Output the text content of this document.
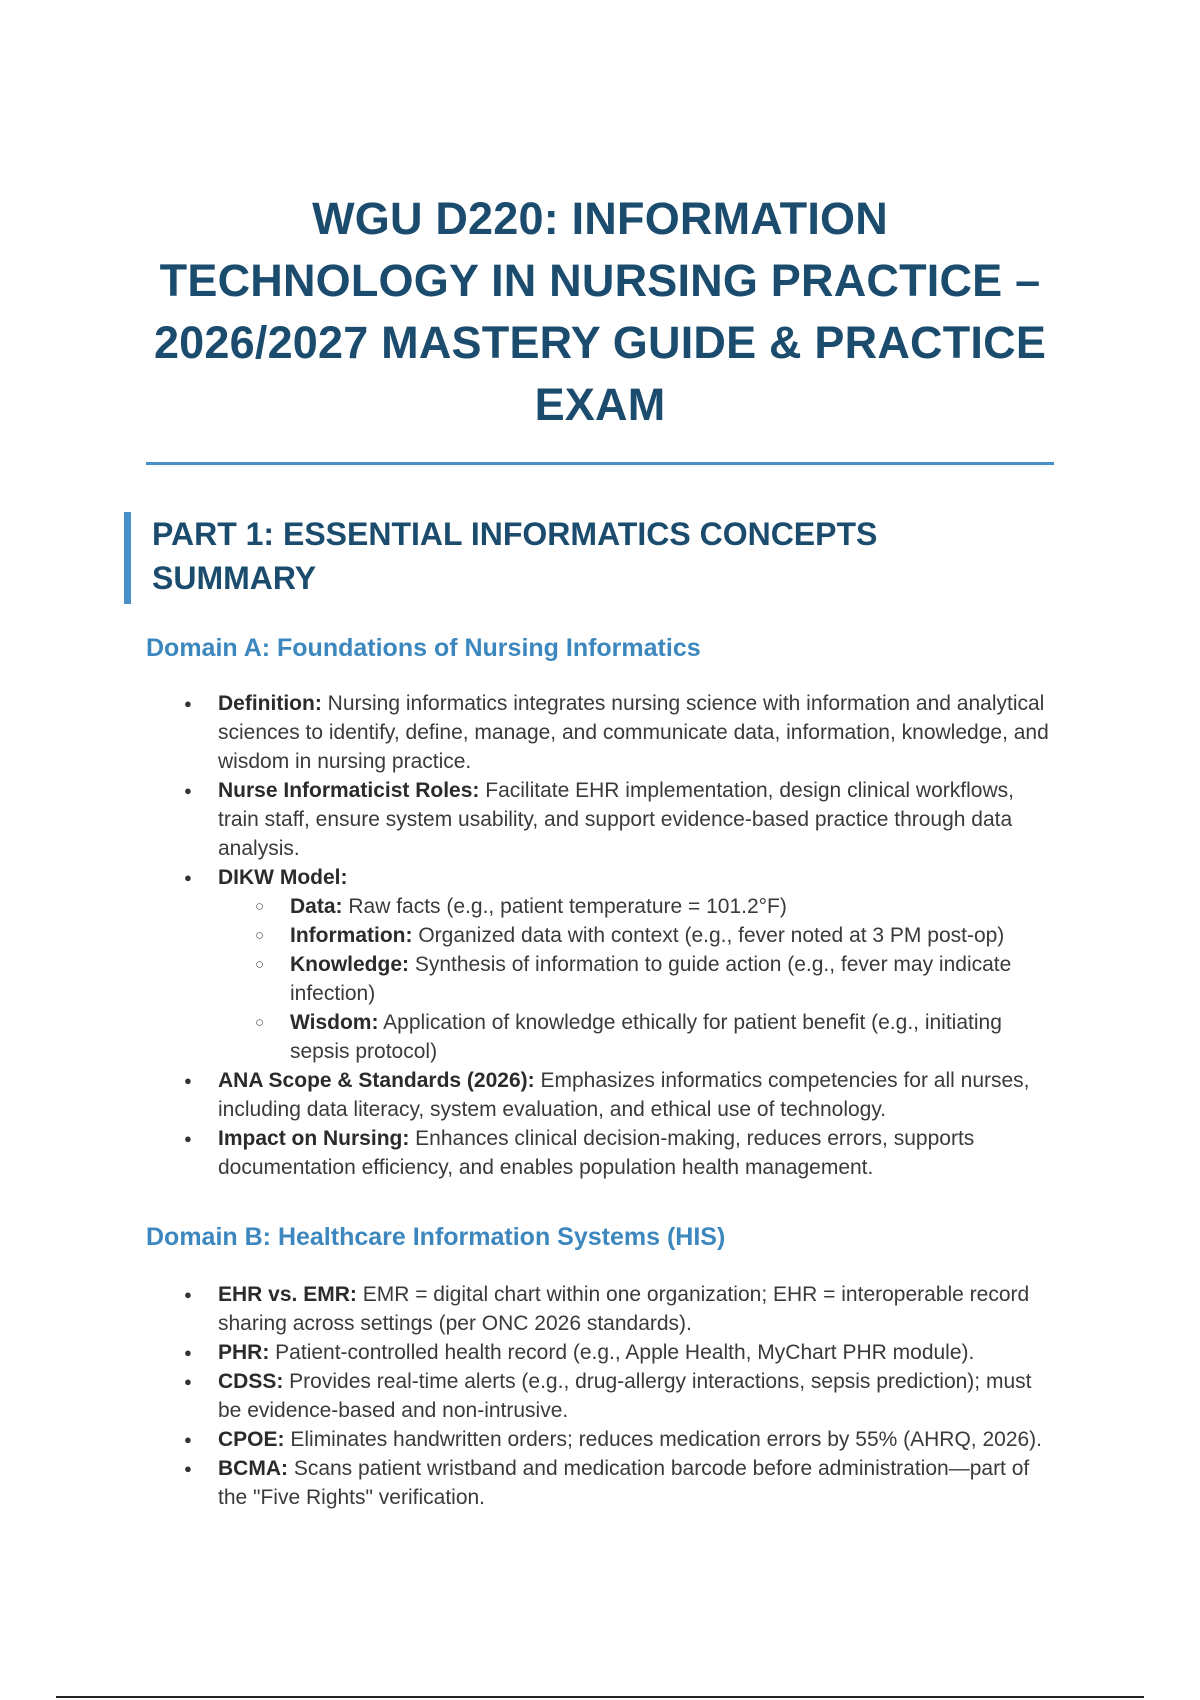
WGU D220: INFORMATION TECHNOLOGY IN NURSING PRACTICE – 2026/2027 MASTERY GUIDE & PRACTICE EXAM
PART 1: ESSENTIAL INFORMATICS CONCEPTS SUMMARY
Domain A: Foundations of Nursing Informatics
● Definition: Nursing informatics integrates nursing science with information and analytical sciences to identify, define, manage, and communicate data, information, knowledge, and wisdom in nursing practice.
● Nurse Informaticist Roles: Facilitate EHR implementation, design clinical workflows, train staff, ensure system usability, and support evidence-based practice through data analysis.
● DIKW Model:
○ Data: Raw facts (e.g., patient temperature = 101.2°F)
○ Information: Organized data with context (e.g., fever noted at 3 PM post-op)
○ Knowledge: Synthesis of information to guide action (e.g., fever may indicate infection)
○ Wisdom: Application of knowledge ethically for patient benefit (e.g., initiating sepsis protocol)
● ANA Scope & Standards (2026): Emphasizes informatics competencies for all nurses, including data literacy, system evaluation, and ethical use of technology.
● Impact on Nursing: Enhances clinical decision-making, reduces errors, supports documentation efficiency, and enables population health management.
Domain B: Healthcare Information Systems (HIS)
● EHR vs. EMR: EMR = digital chart within one organization; EHR = interoperable record sharing across settings (per ONC 2026 standards).
● PHR: Patient-controlled health record (e.g., Apple Health, MyChart PHR module).
● CDSS: Provides real-time alerts (e.g., drug-allergy interactions, sepsis prediction); must be evidence-based and non-intrusive.
● CPOE: Eliminates handwritten orders; reduces medication errors by 55% (AHRQ, 2026).
● BCMA: Scans patient wristband and medication barcode before administration—part of the "Five Rights" verification.
